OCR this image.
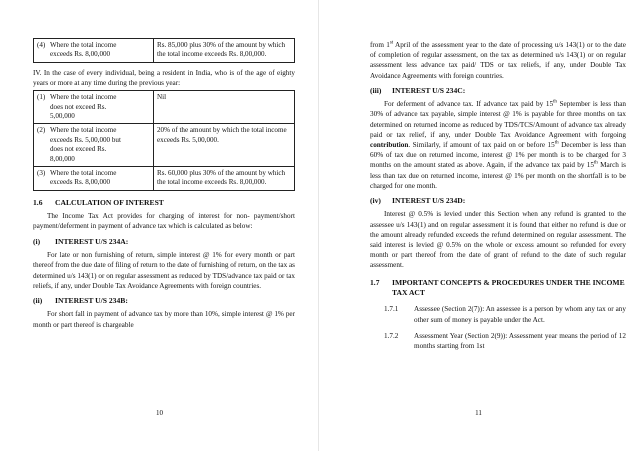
(4) Where the total income exceeds Rs. 8,00,000	Rs. 85,000 plus 30% of the amount by which the total income exceeds Rs. 8,00,000.

IV. In the case of every individual, being a resident in India, who is of the age of eighty years or more at any time during the previous year:

(1) Where the total income does not exceed Rs. 5,00,000	Nil
(2) Where the total income exceeds Rs. 5,00,000 but does not exceed Rs. 8,00,000	20% of the amount by which the total income exceeds Rs. 5,00,000.
(3) Where the total income exceeds Rs. 8,00,000	Rs. 60,000 plus 30% of the amount by which the total income exceeds Rs. 8,00,000.
1.6	CALCULATION OF INTEREST

The Income Tax Act provides for charging of interest for non- payment/short payment/deferment in payment of advance tax which is calculated as below:

(i)	INTEREST U/S 234A:

For late or non furnishing of return, simple interest @ 1% for every month or part thereof from the due date of filing of return to the date of furnishing of return, on the tax as determined u/s 143(1) or on regular assessment as reduced by TDS/advance tax paid or tax reliefs, if any, under Double Tax Avoidance Agreements with foreign countries.

(ii)	INTEREST U/S 234B:

For short fall in payment of advance tax by more than 10%, simple interest @ 1% per month or part thereof is chargeable

10

from 1st April of the assessment year to the date of processing u/s 143(1) or to the date of completion of regular assessment, on the tax as determined u/s 143(1) or on regular assessment less advance tax paid/ TDS or tax reliefs, if any, under Double Tax Avoidance Agreements with foreign countries.

(iii)	INTEREST U/S 234C:

For deferment of advance tax. If advance tax paid by 15th September is less than 30% of advance tax payable, simple interest @ 1% is payable for three months on tax determined on returned income as reduced by TDS/TCS/Amount of advance tax already paid or tax relief, if any, under Double Tax Avoidance Agreement with forgoing contribution. Similarly, if amount of tax paid on or before 15th December is less than 60% of tax due on returned income, interest @ 1% per month is to be charged for 3 months on the amount stated as above. Again, if the advance tax paid by 15th March is less than tax due on returned income, interest @ 1% per month on the shortfall is to be charged for one month.

(iv)	INTEREST U/S 234D:

Interest @ 0.5% is levied under this Section when any refund is granted to the assessee u/s 143(1) and on regular assessment it is found that either no refund is due or the amount already refunded exceeds the refund determined on regular assessment. The said interest is levied @ 0.5% on the whole or excess amount so refunded for every month or part thereof from the date of grant of refund to the date of such regular assessment.

1.7	IMPORTANT CONCEPTS & PROCEDURES UNDER THE INCOME TAX ACT
1.7.1	Assessee (Section 2(7)): An assessee is a person by whom any tax or any other sum of money is payable under the Act.
1.7.2	Assessment Year (Section 2(9)): Assessment year means the period of 12 months starting from 1st
11
